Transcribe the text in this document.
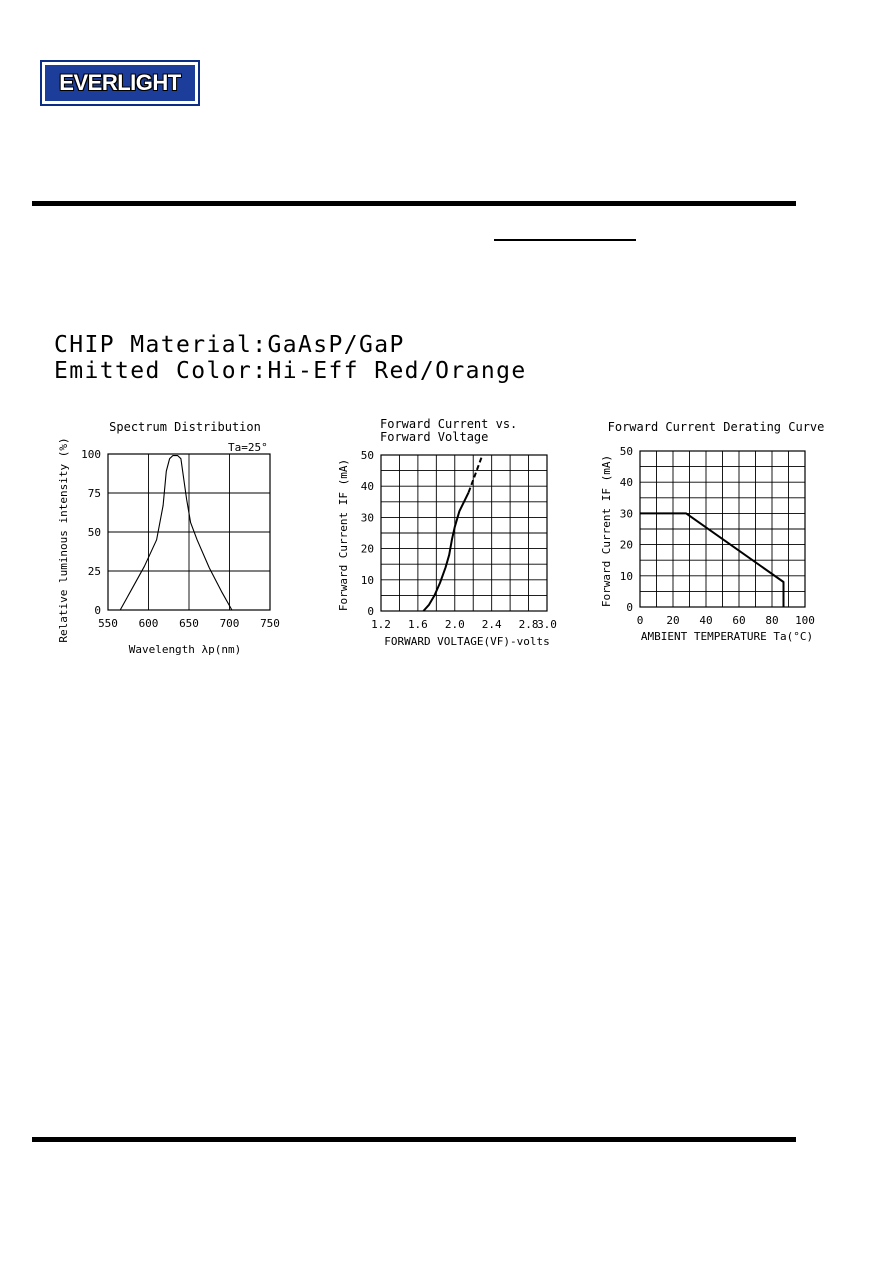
EVERLIGHT
CHIP Material:GaAsP/GaP
Emitted Color:Hi-Eff Red/Orange
550 600 650 700 750
0
25
50
75
100
Spectrum Distribution
Ta=25°
Wavelength λp(nm)
Relative luminous intensity (%)	1.2 1.6 2.0 2.4 2.8
3.0
0
10
20
30
40
50
Forward Current vs.
Forward Voltage
FORWARD VOLTAGE(VF)-volts
Forward Current IF (mA)
0 20 40 60 80 100
0
10
20
30
40
50
Forward Current Derating Curve
AMBIENT TEMPERATURE Ta(°C)
Forward Current IF (mA)
